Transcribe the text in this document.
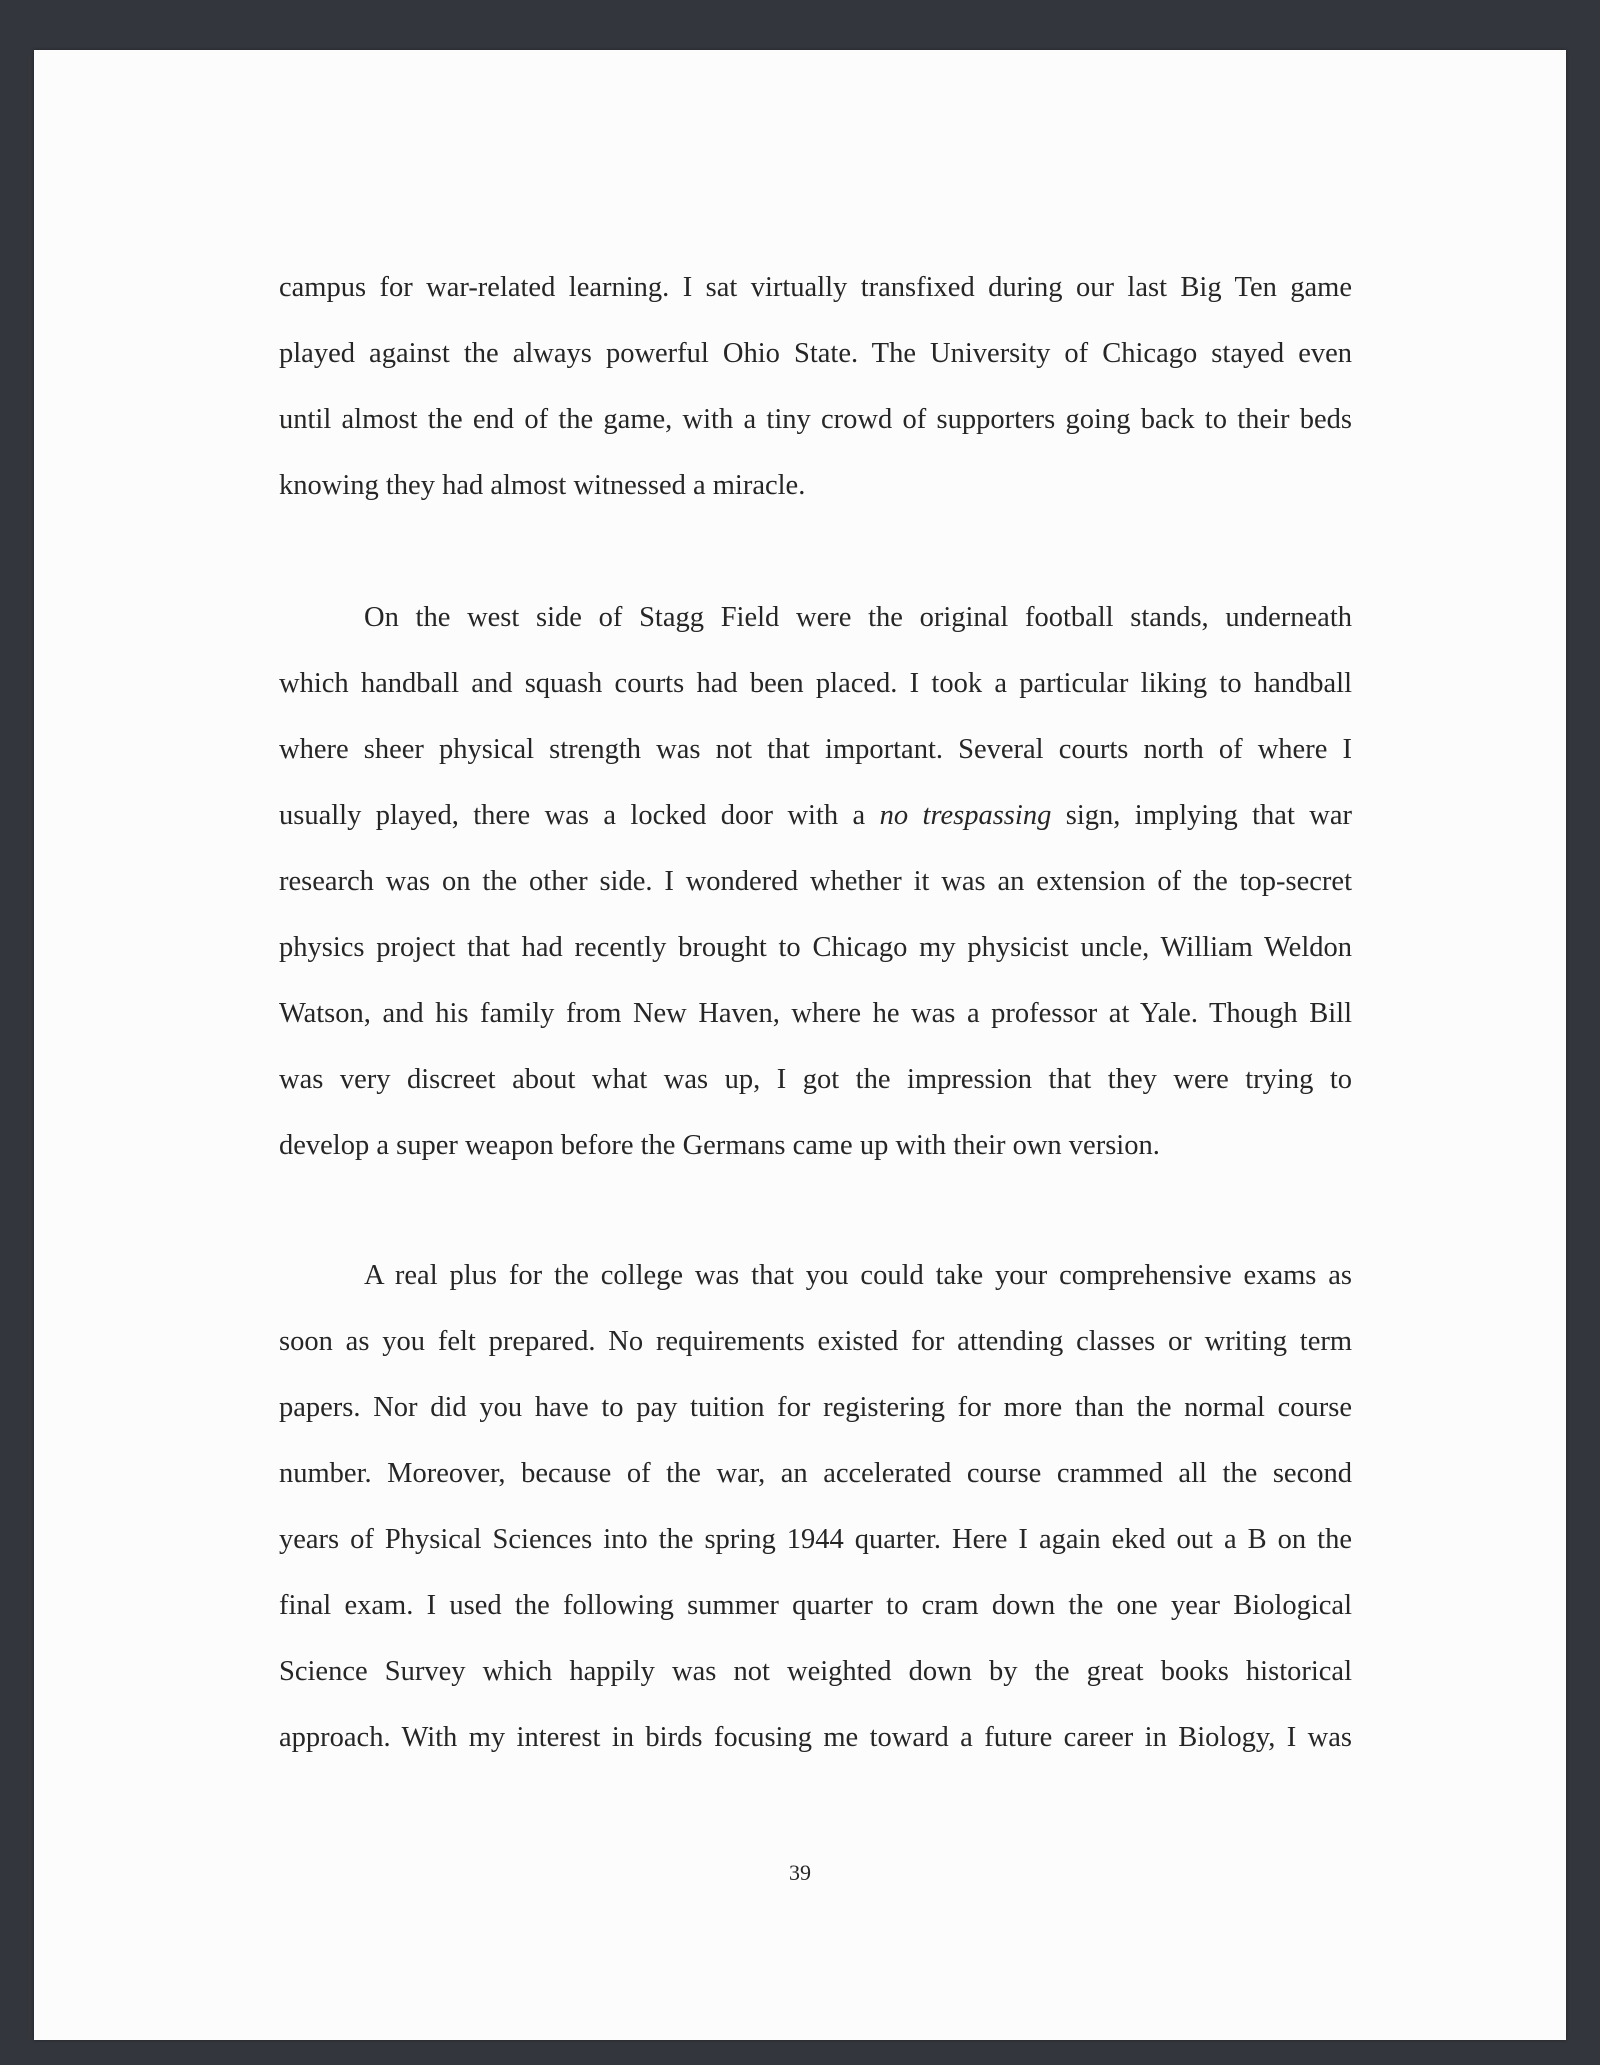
campus for war-related learning. I sat virtually transfixed during our last Big Ten game
played against the always powerful Ohio State. The University of Chicago stayed even
until almost the end of the game, with a tiny crowd of supporters going back to their beds
knowing they had almost witnessed a miracle.
On the west side of Stagg Field were the original football stands, underneath
which handball and squash courts had been placed. I took a particular liking to handball
where sheer physical strength was not that important. Several courts north of where I
usually played, there was a locked door with a no trespassing sign, implying that war
research was on the other side. I wondered whether it was an extension of the top-secret
physics project that had recently brought to Chicago my physicist uncle, William Weldon
Watson, and his family from New Haven, where he was a professor at Yale. Though Bill
was very discreet about what was up, I got the impression that they were trying to
develop a super weapon before the Germans came up with their own version.
A real plus for the college was that you could take your comprehensive exams as
soon as you felt prepared. No requirements existed for attending classes or writing term
papers. Nor did you have to pay tuition for registering for more than the normal course
number. Moreover, because of the war, an accelerated course crammed all the second
years of Physical Sciences into the spring 1944 quarter. Here I again eked out a B on the
final exam. I used the following summer quarter to cram down the one year Biological
Science Survey which happily was not weighted down by the great books historical
approach. With my interest in birds focusing me toward a future career in Biology, I was
39
